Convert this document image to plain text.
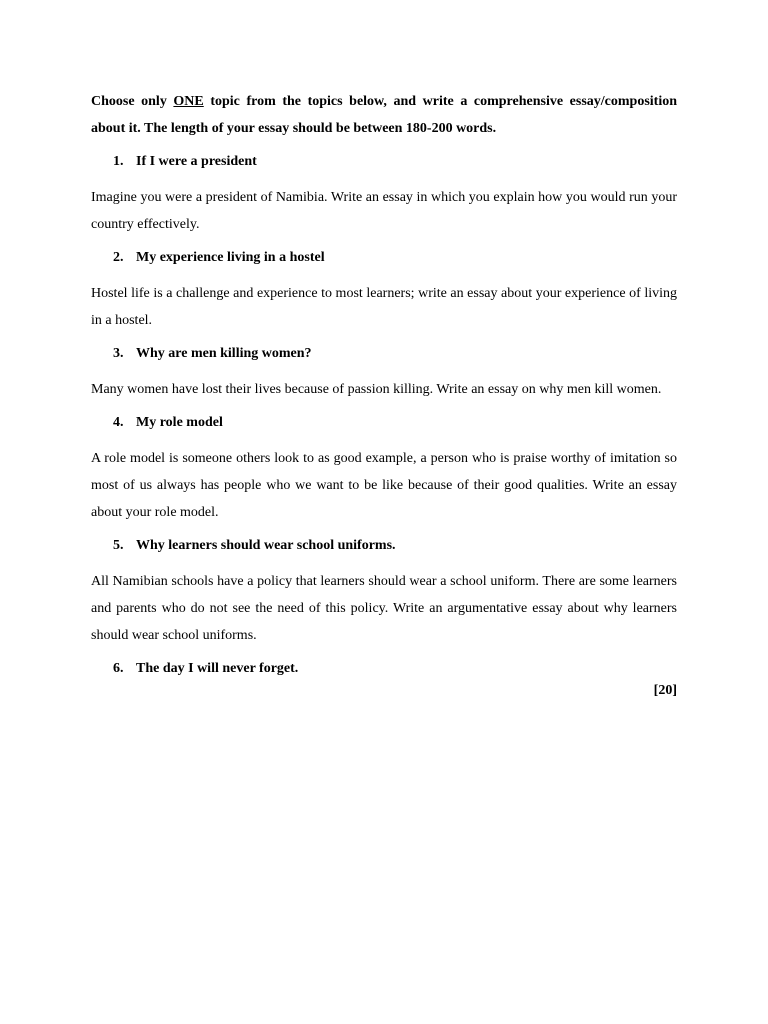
Choose only ONE topic from the topics below, and write a comprehensive essay/composition about it. The length of your essay should be between 180-200 words.

1. If I were a president

Imagine you were a president of Namibia. Write an essay in which you explain how you would run your country effectively.

2. My experience living in a hostel

Hostel life is a challenge and experience to most learners; write an essay about your experience of living in a hostel.

3. Why are men killing women?

Many women have lost their lives because of passion killing. Write an essay on why men kill women.

4. My role model

A role model is someone others look to as good example, a person who is praise worthy of imitation so most of us always has people who we want to be like because of their good qualities. Write an essay about your role model.

5. Why learners should wear school uniforms.

All Namibian schools have a policy that learners should wear a school uniform. There are some learners and parents who do not see the need of this policy. Write an argumentative essay about why learners should wear school uniforms.

6. The day I will never forget.

[20]
